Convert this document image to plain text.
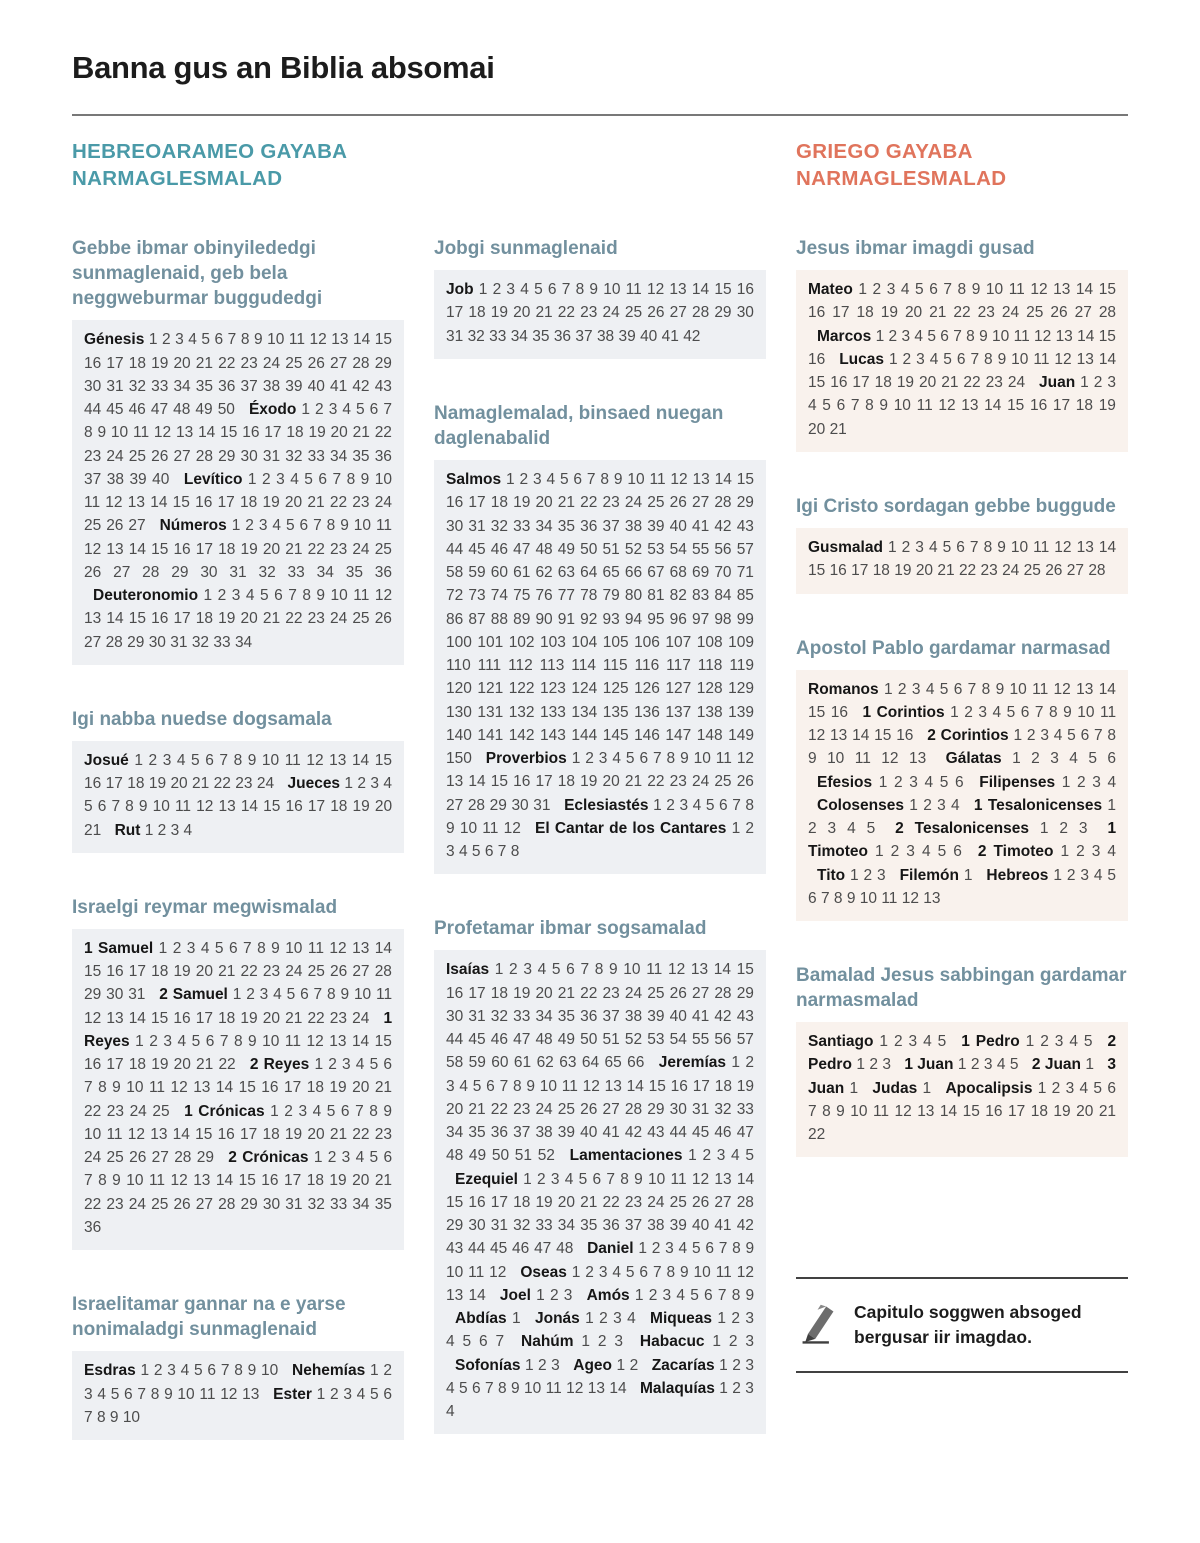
Banna gus an Biblia absomai
HEBREOARAMEO GAYABA
NARMAGLESMALAD
GRIEGO GAYABA
NARMAGLESMALAD
Gebbe ibmar obinyilededgi sunmaglenaid, geb bela neggweburmar buggudedgi
Génesis 1 2 3 4 5 6 7 8 9 10 11 12 13 14 15 16 17 18 19 20 21 22 23 24 25 26 27 28 29 30 31 32 33 34 35 36 37 38 39 40 41 42 43 44 45 46 47 48 49 50 Éxodo 1 2 3 4 5 6 7 8 9 10 11 12 13 14 15 16 17 18 19 20 21 22 23 24 25 26 27 28 29 30 31 32 33 34 35 36 37 38 39 40 Levítico 1 2 3 4 5 6 7 8 9 10 11 12 13 14 15 16 17 18 19 20 21 22 23 24 25 26 27 Números 1 2 3 4 5 6 7 8 9 10 11 12 13 14 15 16 17 18 19 20 21 22 23 24 25 26 27 28 29 30 31 32 33 34 35 36 Deuteronomio 1 2 3 4 5 6 7 8 9 10 11 12 13 14 15 16 17 18 19 20 21 22 23 24 25 26 27 28 29 30 31 32 33 34
Igi nabba nuedse dogsamala
Josué 1 2 3 4 5 6 7 8 9 10 11 12 13 14 15 16 17 18 19 20 21 22 23 24 Jueces 1 2 3 4 5 6 7 8 9 10 11 12 13 14 15 16 17 18 19 20 21 Rut 1 2 3 4
Israelgi reymar megwismalad
1 Samuel 1 2 3 4 5 6 7 8 9 10 11 12 13 14 15 16 17 18 19 20 21 22 23 24 25 26 27 28 29 30 31 2 Samuel 1 2 3 4 5 6 7 8 9 10 11 12 13 14 15 16 17 18 19 20 21 22 23 24 1 Reyes 1 2 3 4 5 6 7 8 9 10 11 12 13 14 15 16 17 18 19 20 21 22 2 Reyes 1 2 3 4 5 6 7 8 9 10 11 12 13 14 15 16 17 18 19 20 21 22 23 24 25 1 Crónicas 1 2 3 4 5 6 7 8 9 10 11 12 13 14 15 16 17 18 19 20 21 22 23 24 25 26 27 28 29 2 Crónicas 1 2 3 4 5 6 7 8 9 10 11 12 13 14 15 16 17 18 19 20 21 22 23 24 25 26 27 28 29 30 31 32 33 34 35 36
Israelitamar gannar na e yarse nonimaladgi sunmaglenaid
Esdras 1 2 3 4 5 6 7 8 9 10 Nehemías 1 2 3 4 5 6 7 8 9 10 11 12 13 Ester 1 2 3 4 5 6 7 8 9 10
Jobgi sunmaglenaid
Job 1 2 3 4 5 6 7 8 9 10 11 12 13 14 15 16 17 18 19 20 21 22 23 24 25 26 27 28 29 30 31 32 33 34 35 36 37 38 39 40 41 42
Namaglemalad, binsaed nuegan daglenabalid
Salmos 1 2 3 4 5 6 7 8 9 10 11 12 13 14 15 16 17 18 19 20 21 22 23 24 25 26 27 28 29 30 31 32 33 34 35 36 37 38 39 40 41 42 43 44 45 46 47 48 49 50 51 52 53 54 55 56 57 58 59 60 61 62 63 64 65 66 67 68 69 70 71 72 73 74 75 76 77 78 79 80 81 82 83 84 85 86 87 88 89 90 91 92 93 94 95 96 97 98 99 100 101 102 103 104 105 106 107 108 109 110 111 112 113 114 115 116 117 118 119 120 121 122 123 124 125 126 127 128 129 130 131 132 133 134 135 136 137 138 139 140 141 142 143 144 145 146 147 148 149 150 Proverbios 1 2 3 4 5 6 7 8 9 10 11 12 13 14 15 16 17 18 19 20 21 22 23 24 25 26 27 28 29 30 31 Eclesiastés 1 2 3 4 5 6 7 8 9 10 11 12 El Cantar de los Cantares 1 2 3 4 5 6 7 8
Profetamar ibmar sogsamalad
Isaías 1 2 3 4 5 6 7 8 9 10 11 12 13 14 15 16 17 18 19 20 21 22 23 24 25 26 27 28 29 30 31 32 33 34 35 36 37 38 39 40 41 42 43 44 45 46 47 48 49 50 51 52 53 54 55 56 57 58 59 60 61 62 63 64 65 66 Jeremías 1 2 3 4 5 6 7 8 9 10 11 12 13 14 15 16 17 18 19 20 21 22 23 24 25 26 27 28 29 30 31 32 33 34 35 36 37 38 39 40 41 42 43 44 45 46 47 48 49 50 51 52 Lamentaciones 1 2 3 4 5 Ezequiel 1 2 3 4 5 6 7 8 9 10 11 12 13 14 15 16 17 18 19 20 21 22 23 24 25 26 27 28 29 30 31 32 33 34 35 36 37 38 39 40 41 42 43 44 45 46 47 48 Daniel 1 2 3 4 5 6 7 8 9 10 11 12 Oseas 1 2 3 4 5 6 7 8 9 10 11 12 13 14 Joel 1 2 3 Amós 1 2 3 4 5 6 7 8 9 Abdías 1 Jonás 1 2 3 4 Miqueas 1 2 3 4 5 6 7 Nahúm 1 2 3 Habacuc 1 2 3 Sofonías 1 2 3 Ageo 1 2 Zacarías 1 2 3 4 5 6 7 8 9 10 11 12 13 14 Malaquías 1 2 3 4
Jesus ibmar imagdi gusad
Mateo 1 2 3 4 5 6 7 8 9 10 11 12 13 14 15 16 17 18 19 20 21 22 23 24 25 26 27 28 Marcos 1 2 3 4 5 6 7 8 9 10 11 12 13 14 15 16 Lucas 1 2 3 4 5 6 7 8 9 10 11 12 13 14 15 16 17 18 19 20 21 22 23 24 Juan 1 2 3 4 5 6 7 8 9 10 11 12 13 14 15 16 17 18 19 20 21
Igi Cristo sordagan gebbe buggude
Gusmalad 1 2 3 4 5 6 7 8 9 10 11 12 13 14 15 16 17 18 19 20 21 22 23 24 25 26 27 28
Apostol Pablo gardamar narmasad
Romanos 1 2 3 4 5 6 7 8 9 10 11 12 13 14 15 16 1 Corintios 1 2 3 4 5 6 7 8 9 10 11 12 13 14 15 16 2 Corintios 1 2 3 4 5 6 7 8 9 10 11 12 13 Gálatas 1 2 3 4 5 6 Efesios 1 2 3 4 5 6 Filipenses 1 2 3 4 Colosenses 1 2 3 4 1 Tesalonicenses 1 2 3 4 5 2 Tesalonicenses 1 2 3 1 Timoteo 1 2 3 4 5 6 2 Timoteo 1 2 3 4 Tito 1 2 3 Filemón 1 Hebreos 1 2 3 4 5 6 7 8 9 10 11 12 13
Bamalad Jesus sabbingan gardamar narmasmalad
Santiago 1 2 3 4 5 1 Pedro 1 2 3 4 5 2 Pedro 1 2 3 1 Juan 1 2 3 4 5 2 Juan 1 3 Juan 1 Judas 1 Apocalipsis 1 2 3 4 5 6 7 8 9 10 11 12 13 14 15 16 17 18 19 20 21 22
Capitulo soggwen absoged bergusar iir imagdao.
